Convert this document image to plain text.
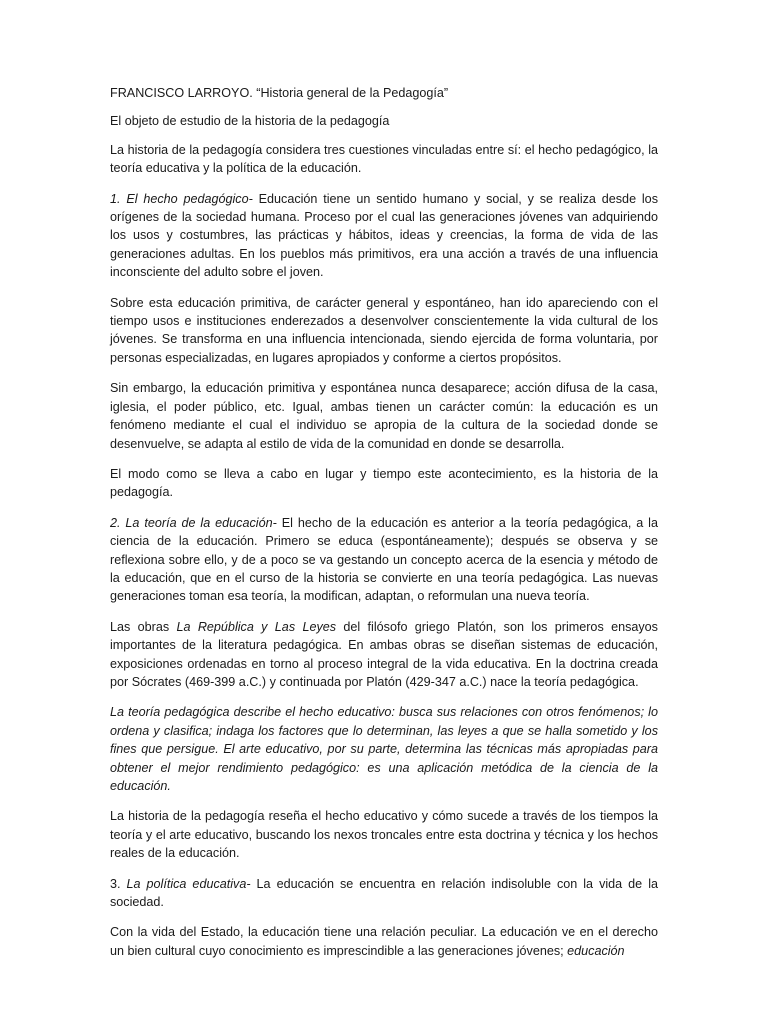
FRANCISCO LARROYO. “Historia general de la Pedagogía”

El objeto de estudio de la historia de la pedagogía

La historia de la pedagogía considera tres cuestiones vinculadas entre sí: el hecho pedagógico, la teoría educativa y la política de la educación.

1. El hecho pedagógico- Educación tiene un sentido humano y social, y se realiza desde los orígenes de la sociedad humana. Proceso por el cual las generaciones jóvenes van adquiriendo los usos y costumbres, las prácticas y hábitos, ideas y creencias, la forma de vida de las generaciones adultas. En los pueblos más primitivos, era una acción a través de una influencia inconsciente del adulto sobre el joven.

Sobre esta educación primitiva, de carácter general y espontáneo, han ido apareciendo con el tiempo usos e instituciones enderezados a desenvolver conscientemente la vida cultural de los jóvenes. Se transforma en una influencia intencionada, siendo ejercida de forma voluntaria, por personas especializadas, en lugares apropiados y conforme a ciertos propósitos.

Sin embargo, la educación primitiva y espontánea nunca desaparece; acción difusa de la casa, iglesia, el poder público, etc. Igual, ambas tienen un carácter común: la educación es un fenómeno mediante el cual el individuo se apropia de la cultura de la sociedad donde se desenvuelve, se adapta al estilo de vida de la comunidad en donde se desarrolla.

El modo como se lleva a cabo en lugar y tiempo este acontecimiento, es la historia de la pedagogía.

2. La teoría de la educación- El hecho de la educación es anterior a la teoría pedagógica, a la ciencia de la educación. Primero se educa (espontáneamente); después se observa y se reflexiona sobre ello, y de a poco se va gestando un concepto acerca de la esencia y método de la educación, que en el curso de la historia se convierte en una teoría pedagógica. Las nuevas generaciones toman esa teoría, la modifican, adaptan, o reformulan una nueva teoría.

Las obras La República y Las Leyes del filósofo griego Platón, son los primeros ensayos importantes de la literatura pedagógica. En ambas obras se diseñan sistemas de educación, exposiciones ordenadas en torno al proceso integral de la vida educativa. En la doctrina creada por Sócrates (469-399 a.C.) y continuada por Platón (429-347 a.C.) nace la teoría pedagógica.

La teoría pedagógica describe el hecho educativo: busca sus relaciones con otros fenómenos; lo ordena y clasifica; indaga los factores que lo determinan, las leyes a que se halla sometido y los fines que persigue. El arte educativo, por su parte, determina las técnicas más apropiadas para obtener el mejor rendimiento pedagógico: es una aplicación metódica de la ciencia de la educación.

La historia de la pedagogía reseña el hecho educativo y cómo sucede a través de los tiempos la teoría y el arte educativo, buscando los nexos troncales entre esta doctrina y técnica y los hechos reales de la educación.

3. La política educativa- La educación se encuentra en relación indisoluble con la vida de la sociedad.

Con la vida del Estado, la educación tiene una relación peculiar. La educación ve en el derecho un bien cultural cuyo conocimiento es imprescindible a las generaciones jóvenes; educación
